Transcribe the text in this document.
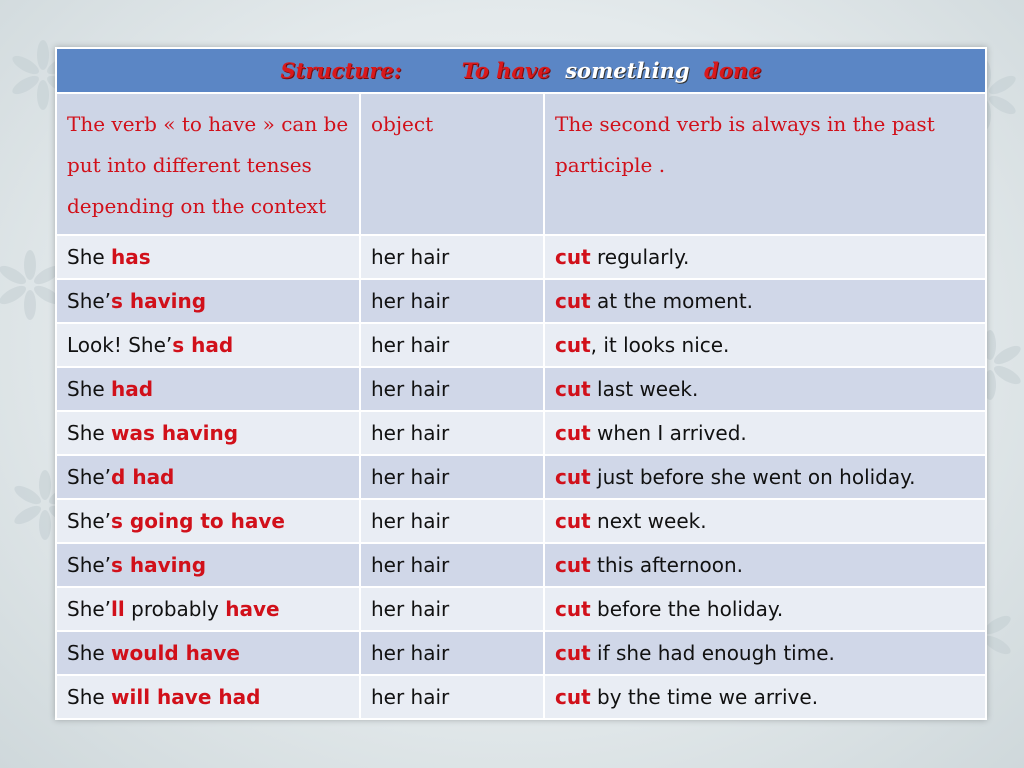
Structure: To have something done		
The verb « to have » can be put into different tenses depending on the context	object	The second verb is always in the past participle .
She has	her hair	cut regularly.
She’s having	her hair	cut at the moment.
Look! She’s had	her hair	cut, it looks nice.
She had	her hair	cut last week.
She was having	her hair	cut when I arrived.
She’d had	her hair	cut just before she went on holiday.
She’s going to have	her hair	cut next week.
She’s having	her hair	cut this afternoon.
She’ll probably have	her hair	cut before the holiday.
She would have	her hair	cut if she had enough time.
She will have had	her hair	cut by the time we arrive.
